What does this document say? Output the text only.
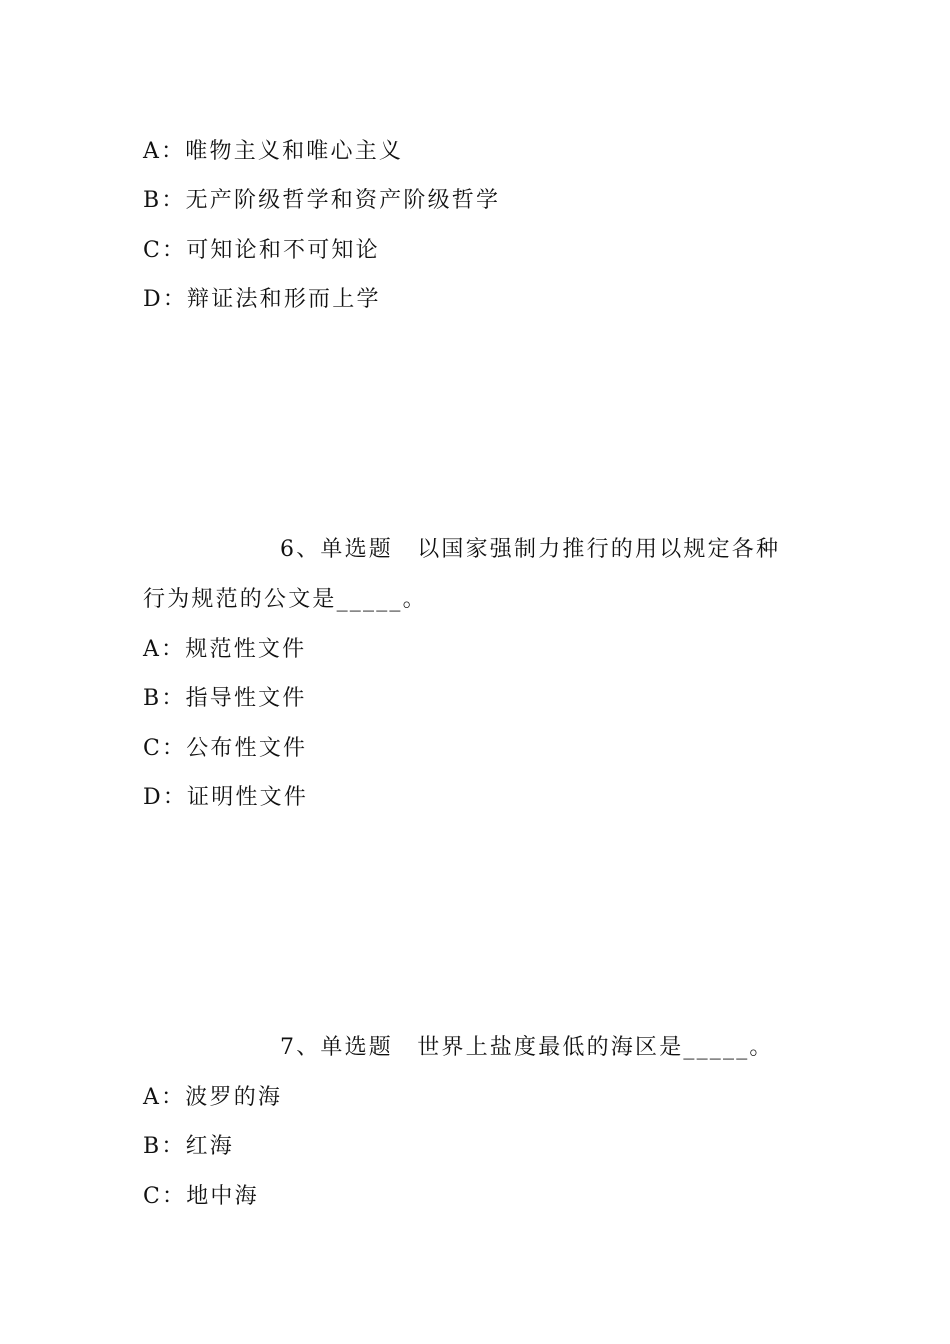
A：唯物主义和唯心主义
B：无产阶级哲学和资产阶级哲学
C：可知论和不可知论
D：辩证法和形而上学
6、单选题　以国家强制力推行的用以规定各种
行为规范的公文是_____。
A：规范性文件
B：指导性文件
C：公布性文件
D：证明性文件
7、单选题　世界上盐度最低的海区是_____。
A：波罗的海
B：红海
C：地中海
